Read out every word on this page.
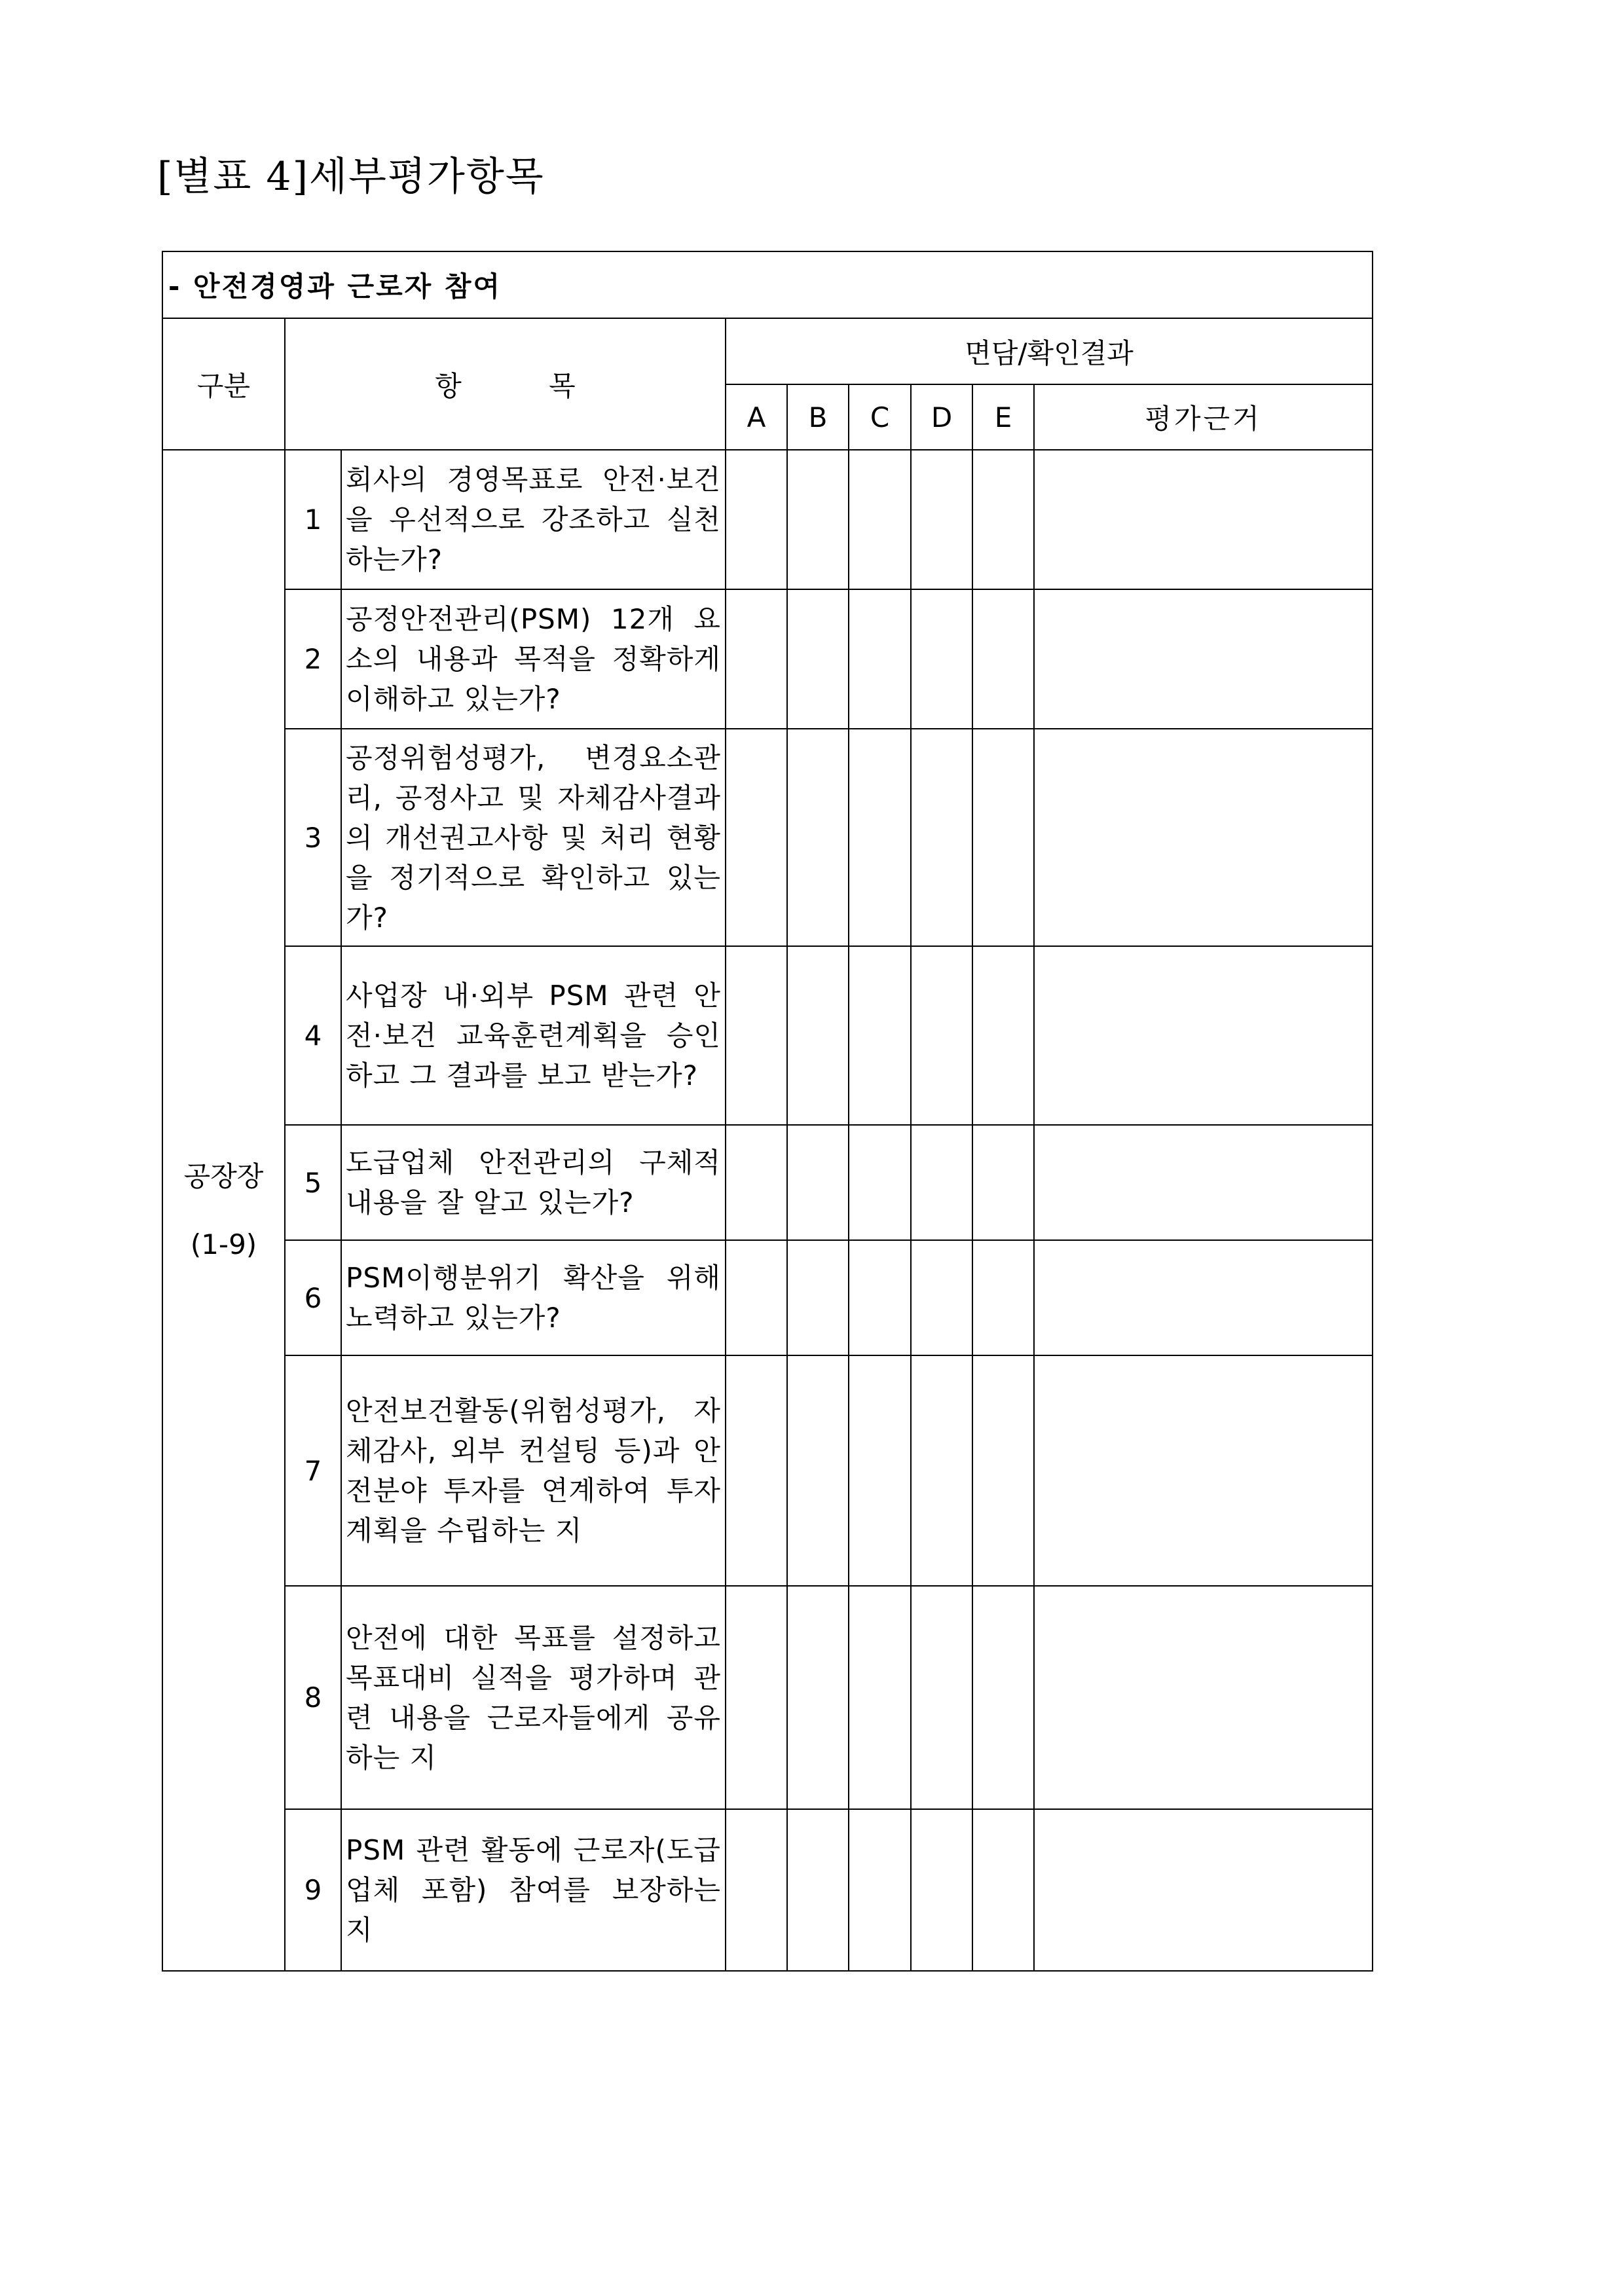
[별표 4]세부평가항목
- 안전경영과 근로자 참여								
구분	항 목		면담/확인결과					
			A	B	C	D	E	평가근거

공장장
(1-9)	1	회사의 경영목표로 안전·보건을 우선적으로 강조하고 실천하는가?						
	2	공정안전관리(PSM) 12개 요소의 내용과 목적을 정확하게 이해하고 있는가?						
	3	공정위험성평가, 변경요소관리, 공정사고 및 자체감사결과의 개선권고사항 및 처리 현황을 정기적으로 확인하고 있는가?						
	4	사업장 내·외부 PSM 관련 안전·보건 교육훈련계획을 승인하고 그 결과를 보고 받는가?						
	5	도급업체 안전관리의 구체적 내용을 잘 알고 있는가?						
	6	PSM이행분위기 확산을 위해 노력하고 있는가?						
	7	안전보건활동(위험성평가, 자체감사, 외부 컨설팅 등)과 안전분야 투자를 연계하여 투자계획을 수립하는 지						
	8	안전에 대한 목표를 설정하고 목표대비 실적을 평가하며 관련 내용을 근로자들에게 공유하는 지						
	9	PSM 관련 활동에 근로자(도급업체 포함) 참여를 보장하는 지						
